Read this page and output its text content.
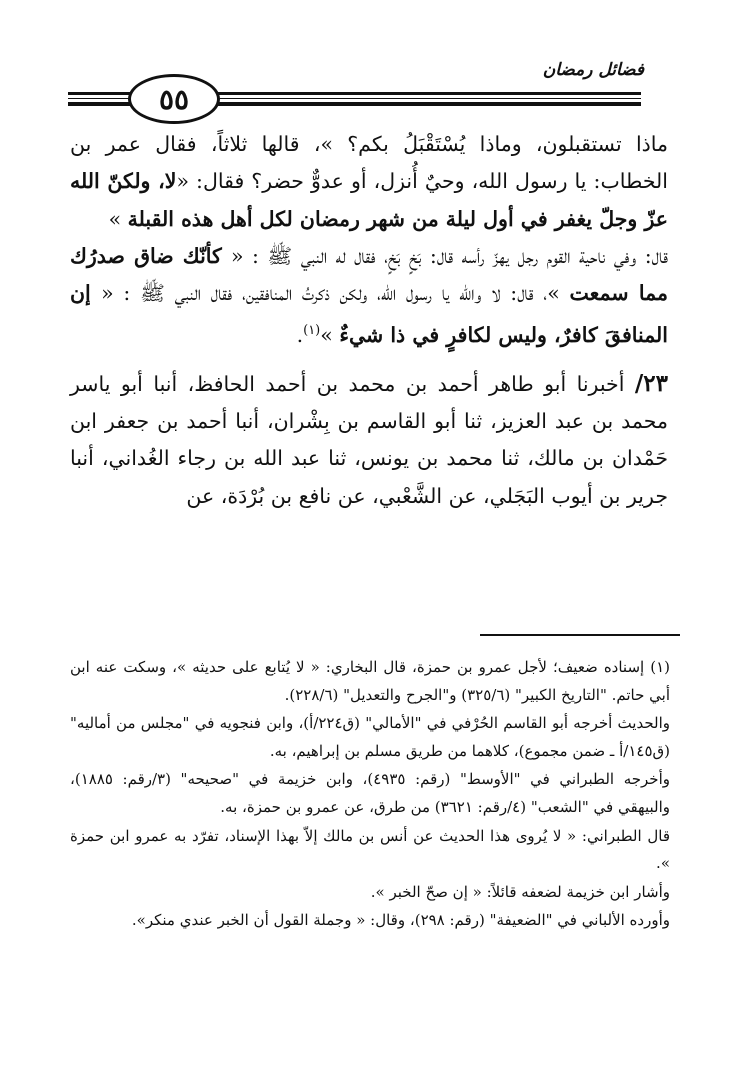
فضائل رمضان
٥٥

ماذا تستقبلون، وماذا يُسْتَقْبَلُ بكم؟ »، قالها ثلاثاً، فقال عمر بن الخطاب: يا رسول الله، وحيٌ أُنزل، أو عدوٌّ حضر؟ فقال: «لا، ولكنّ الله عزّ وجلّ يغفر في أول ليلة من شهر رمضان لكل أهل هذه القبلة »

قال: وفي ناحية القوم رجل يهزّ رأسه قال: بَخٍ بَخٍ، فقال له النبي ﷺ : « كأنّك ضاق صدرُك مما سمعت »، قال: لا والله يا رسول الله، ولكن ذكرتُ المنافقين، فقال النبي ﷺ : « إن المنافقَ كافرٌ، وليس لكافرٍ في ذا شيءٌ »$^{(١)}$.

٢٣/ أخبرنا أبو طاهر أحمد بن محمد بن أحمد الحافظ، أنبا أبو ياسر محمد بن عبد العزيز، ثنا أبو القاسم بن بِشْران، أنبا أحمد بن جعفر ابن حَمْدان بن مالك، ثنا محمد بن يونس، ثنا عبد الله بن رجاء الغُداني، أنبا جرير بن أيوب البَجَلي، عن الشَّعْبي، عن نافع بن بُرْدَة، عن

(١) إسناده ضعيف؛ لأجل عمرو بن حمزة، قال البخاري: « لا يُتابع على حديثه »، وسكت عنه ابن أبي حاتم. "التاريخ الكبير" (٣٢٥/٦) و"الجرح والتعديل" (٢٢٨/٦).

والحديث أخرجه أبو القاسم الحُرْفي في "الأمالي" (ق٢٢٤/أ)، وابن فنجويه في "مجلس من أماليه" (ق١٤٥/أ ـ ضمن مجموع)، كلاهما من طريق مسلم بن إبراهيم، به.

وأخرجه الطبراني في "الأوسط" (رقم: ٤٩٣٥)، وابن خزيمة في "صحيحه" (٣/رقم: ١٨٨٥)، والبيهقي في "الشعب" (٤/رقم: ٣٦٢١) من طرق، عن عمرو بن حمزة، به.

قال الطبراني: « لا يُروى هذا الحديث عن أنس بن مالك إلاّ بهذا الإسناد، تفرّد به عمرو ابن حمزة ».

وأشار ابن خزيمة لضعفه قائلاً: « إن صحّ الخبر ».

وأورده الألباني في "الضعيفة" (رقم: ٢٩٨)، وقال: « وجملة القول أن الخبر عندي منكر».
